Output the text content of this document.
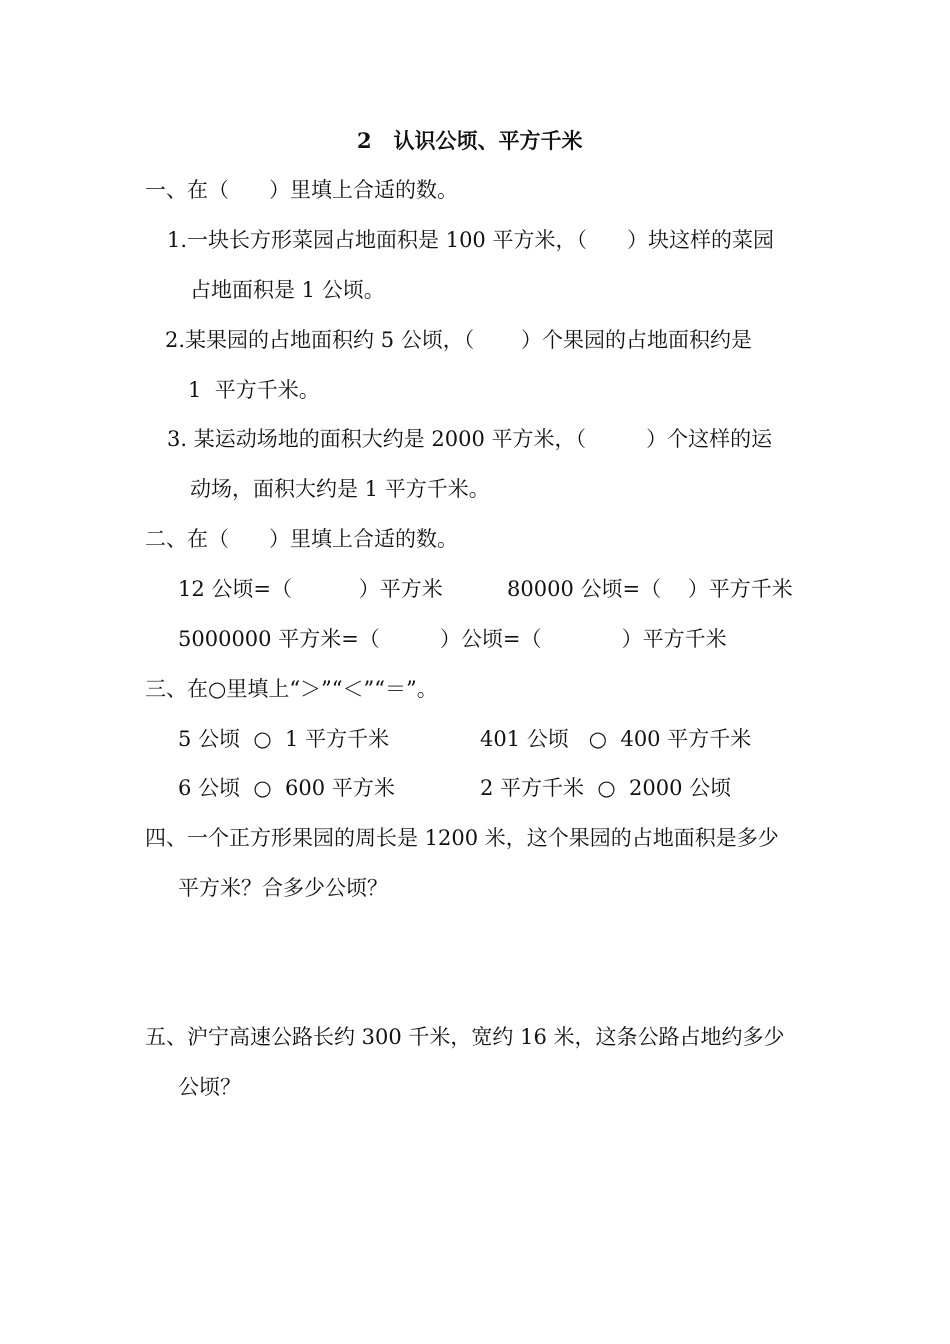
2   认识公顷、平方千米
一、在（      ）里填上合适的数。
1.一块长方形菜园占地面积是 100 平方米，（      ）块这样的菜园
占地面积是 1 公顷。
2.某果园的占地面积约 5 公顷，（       ）个果园的占地面积约是
1  平方千米。
3. 某运动场地的面积大约是 2000 平方米，（         ）个这样的运
动场，面积大约是 1 平方千米。
二、在（      ）里填上合适的数。
12 公顷=（          ）平方米	80000 公顷=（    ）平方千米
5000000 平方米=（         ）公顷=（            ）平方千米
三、在○里填上“＞”“＜”“＝”。
5 公顷  ○  1 平方千米	401 公顷   ○  400 平方千米
6 公顷  ○  600 平方米	2 平方千米  ○  2000 公顷
四、一个正方形果园的周长是 1200 米，这个果园的占地面积是多少
平方米？合多少公顷？
五、沪宁高速公路长约 300 千米，宽约 16 米，这条公路占地约多少
公顷？
